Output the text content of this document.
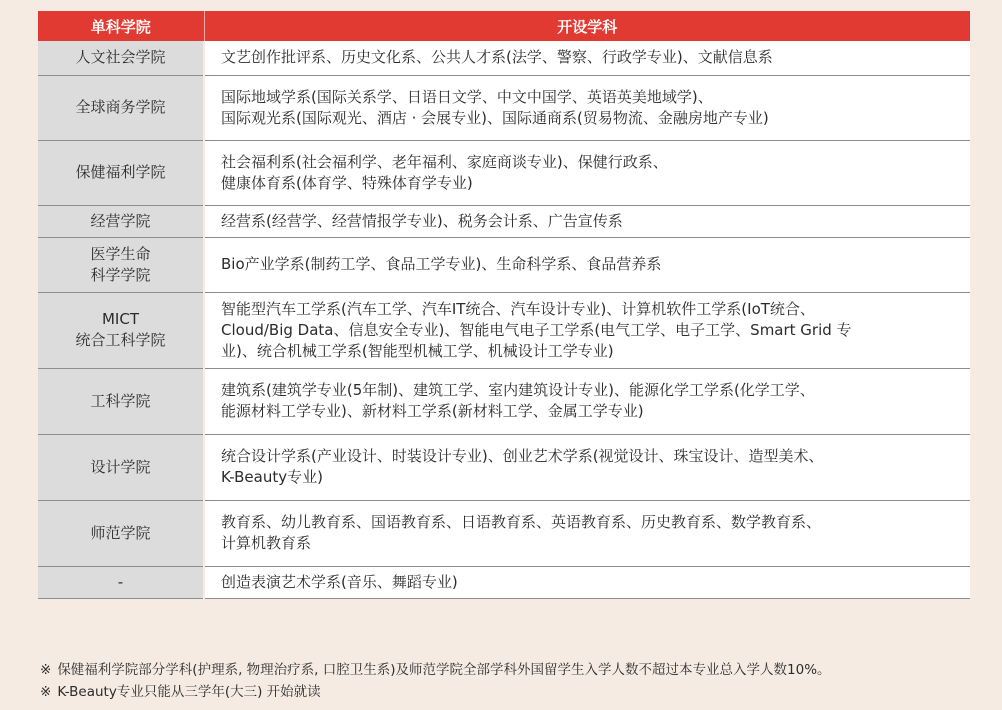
单科学院	开设学科

人文社会学院	文艺创作批评系、历史文化系、公共人才系(法学、警察、行政学专业)、文献信息系

全球商务学院	国际地域学系(国际关系学、日语日文学、中文中国学、英语英美地域学)、
国际观光系(国际观光、酒店 · 会展专业)、国际通商系(贸易物流、金融房地产专业)

保健福利学院	社会福利系(社会福利学、老年福利、家庭商谈专业)、保健行政系、
健康体育系(体育学、特殊体育学专业)

经营学院	经营系(经营学、经营情报学专业)、税务会计系、广告宣传系

医学生命
科学学院	Bio产业学系(制药工学、食品工学专业)、生命科学系、食品营养系

MICT
统合工科学院	智能型汽车工学系(汽车工学、汽车IT统合、汽车设计专业)、计算机软件工学系(IoT统合、
Cloud/Big Data、信息安全专业)、智能电气电子工学系(电气工学、电子工学、Smart Grid 专
业)、统合机械工学系(智能型机械工学、机械设计工学专业)

工科学院	建筑系(建筑学专业(5年制)、建筑工学、室内建筑设计专业)、能源化学工学系(化学工学、
能源材料工学专业)、新材料工学系(新材料工学、金属工学专业)

设计学院	统合设计学系(产业设计、时装设计专业)、创业艺术学系(视觉设计、珠宝设计、造型美术、
K-Beauty专业)

师范学院	教育系、幼儿教育系、国语教育系、日语教育系、英语教育系、历史教育系、数学教育系、
计算机教育系

-	创造表演艺术学系(音乐、舞蹈专业)
※ 保健福利学院部分学科(护理系, 物理治疗系, 口腔卫生系)及师范学院全部学科外国留学生入学人数不超过本专业总入学人数10%。
※ K-Beauty专业只能从三学年(大三) 开始就读
